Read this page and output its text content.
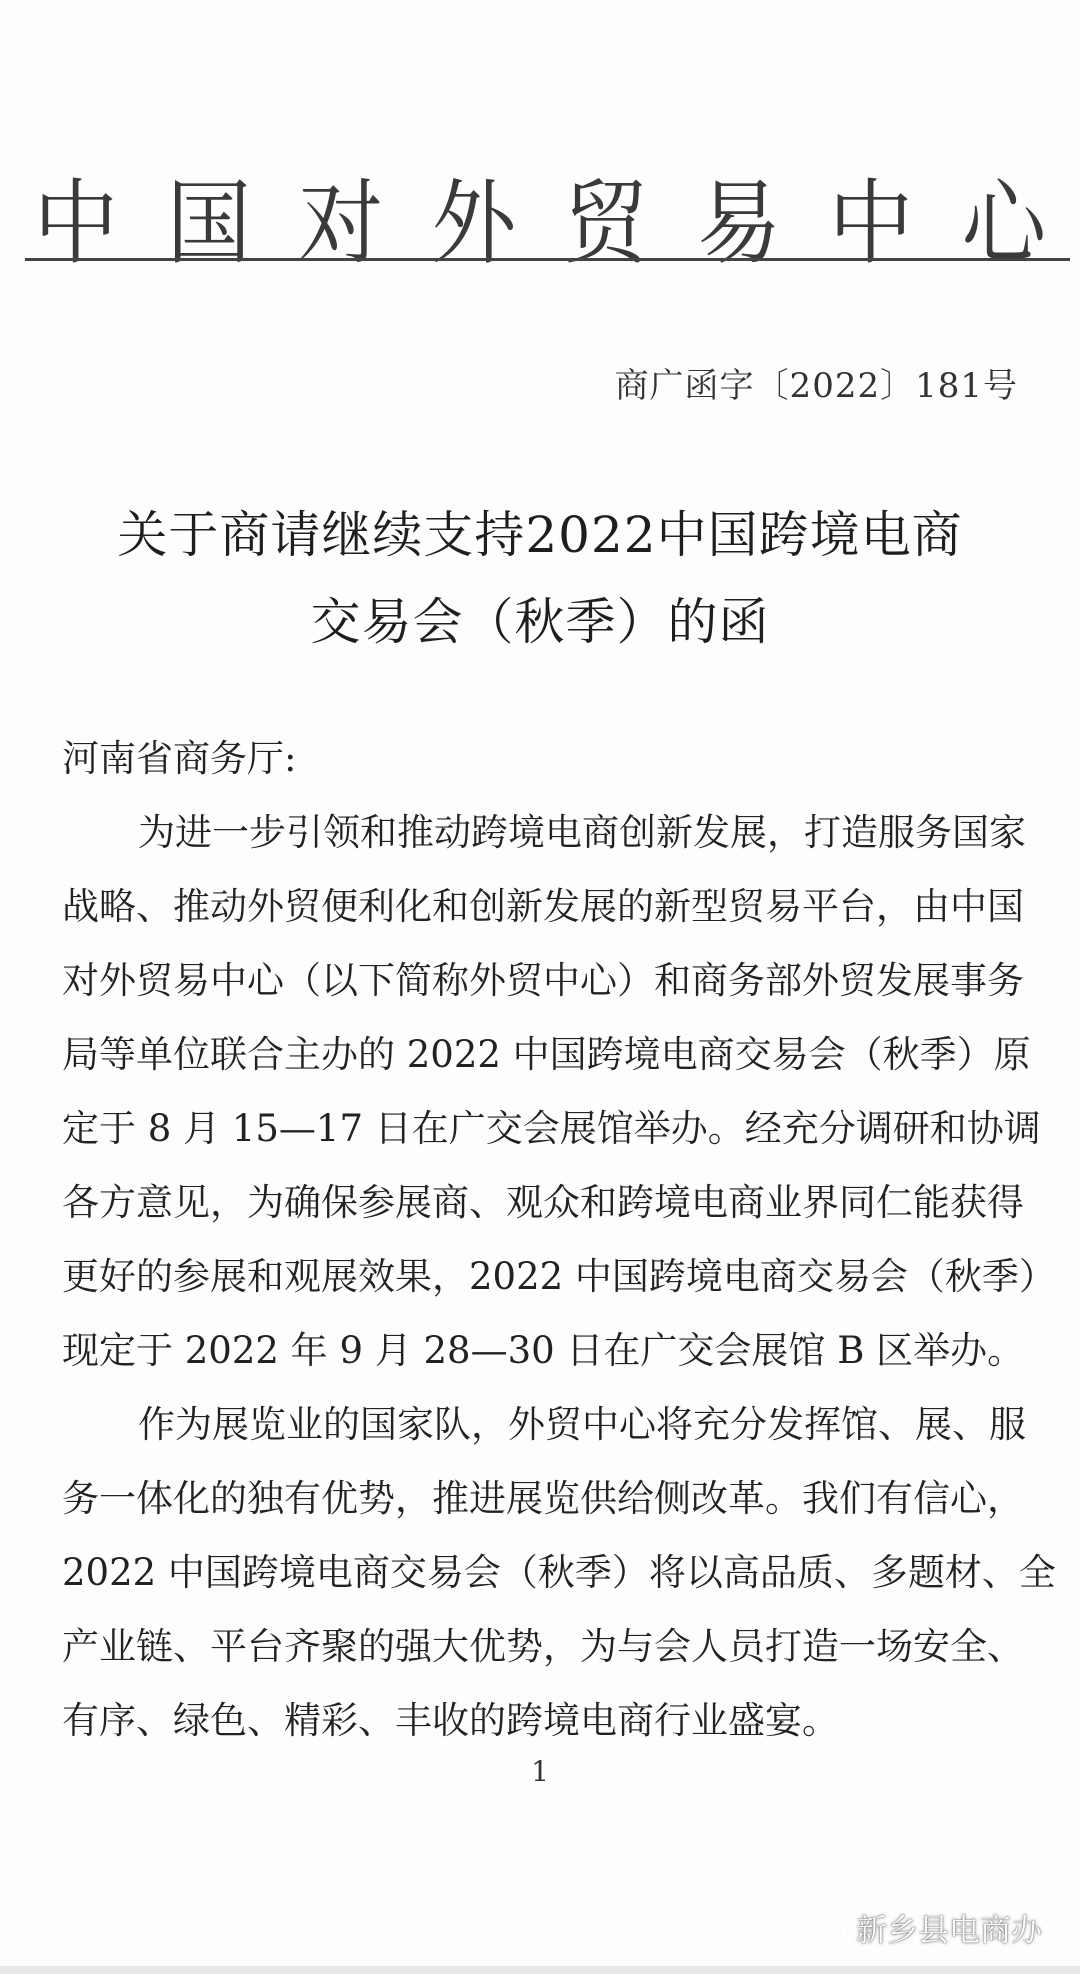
中 国 对 外 贸 易 中 心
商广函字〔2022〕181号
关于商请继续支持2022中国跨境电商
交易会（秋季）的函
河南省商务厅:
为进一步引领和推动跨境电商创新发展，打造服务国家
战略、推动外贸便利化和创新发展的新型贸易平台，由中国
对外贸易中心（以下简称外贸中心）和商务部外贸发展事务
局等单位联合主办的 2022 中国跨境电商交易会（秋季）原
定于 8 月 15—17 日在广交会展馆举办。经充分调研和协调
各方意见，为确保参展商、观众和跨境电商业界同仁能获得
更好的参展和观展效果，2022 中国跨境电商交易会（秋季）
现定于 2022 年 9 月 28—30 日在广交会展馆 B 区举办。
作为展览业的国家队，外贸中心将充分发挥馆、展、服
务一体化的独有优势，推进展览供给侧改革。我们有信心，
2022 中国跨境电商交易会（秋季）将以高品质、多题材、全
产业链、平台齐聚的强大优势，为与会人员打造一场安全、
有序、绿色、精彩、丰收的跨境电商行业盛宴。
1
新乡县电商办
